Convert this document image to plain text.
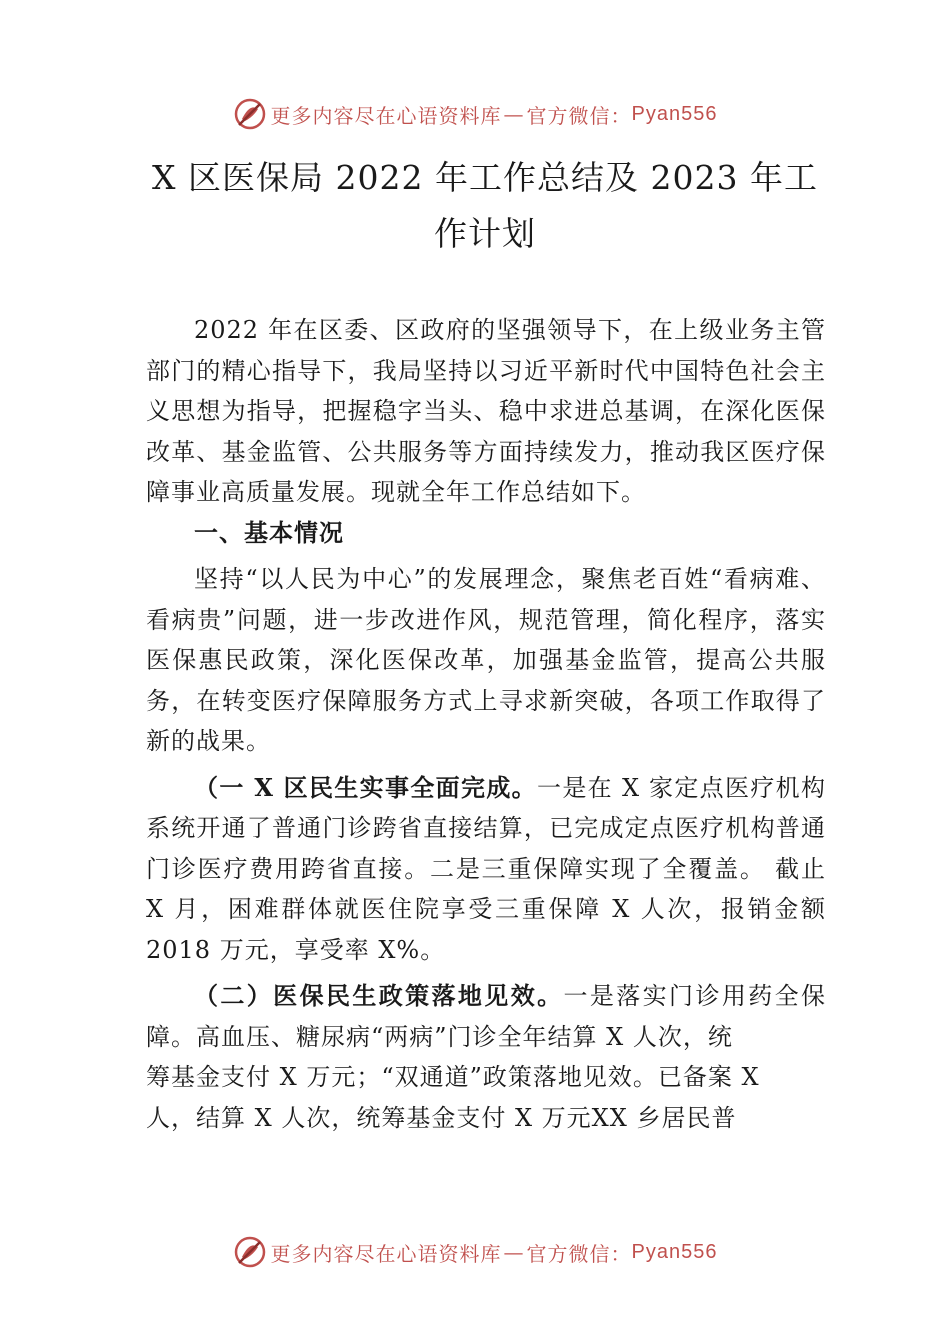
更多内容尽在心语资料库 — 官方微信： Pyan556
X 区医保局 2022 年工作总结及 2023 年工
作计划

2022 年在区委、区政府的坚强领导下，在上级业务主管部门的精心指导下，我局坚持以习近平新时代中国特色社会主义思想为指导，把握稳字当头、稳中求进总基调，在深化医保改革、基金监管、公共服务等方面持续发力，推动我区医疗保障事业高质量发展。现就全年工作总结如下。

一、基本情况

坚持“以人民为中心”的发展理念，聚焦老百姓“看病难、看病贵”问题，进一步改进作风，规范管理，简化程序，落实医保惠民政策，深化医保改革，加强基金监管，提高公共服务，在转变医疗保障服务方式上寻求新突破，各项工作取得了新的战果。

（一 X 区民生实事全面完成。一是在 X 家定点医疗机构系统开通了普通门诊跨省直接结算，已完成定点医疗机构普通门诊医疗费用跨省直接。二是三重保障实现了全覆盖。 截止 X 月，困难群体就医住院享受三重保障 X 人次，报销金额 2018 万元，享受率 X%。

（二）医保民生政策落地见效。一是落实门诊用药全保障。高血压、糖尿病“两病”门诊全年结算 X 人次，统
筹基金支付 X 万元；“双通道”政策落地见效。已备案 X
人，结算 X 人次，统筹基金支付 X 万元XX 乡居民普

更多内容尽在心语资料库 — 官方微信： Pyan556
